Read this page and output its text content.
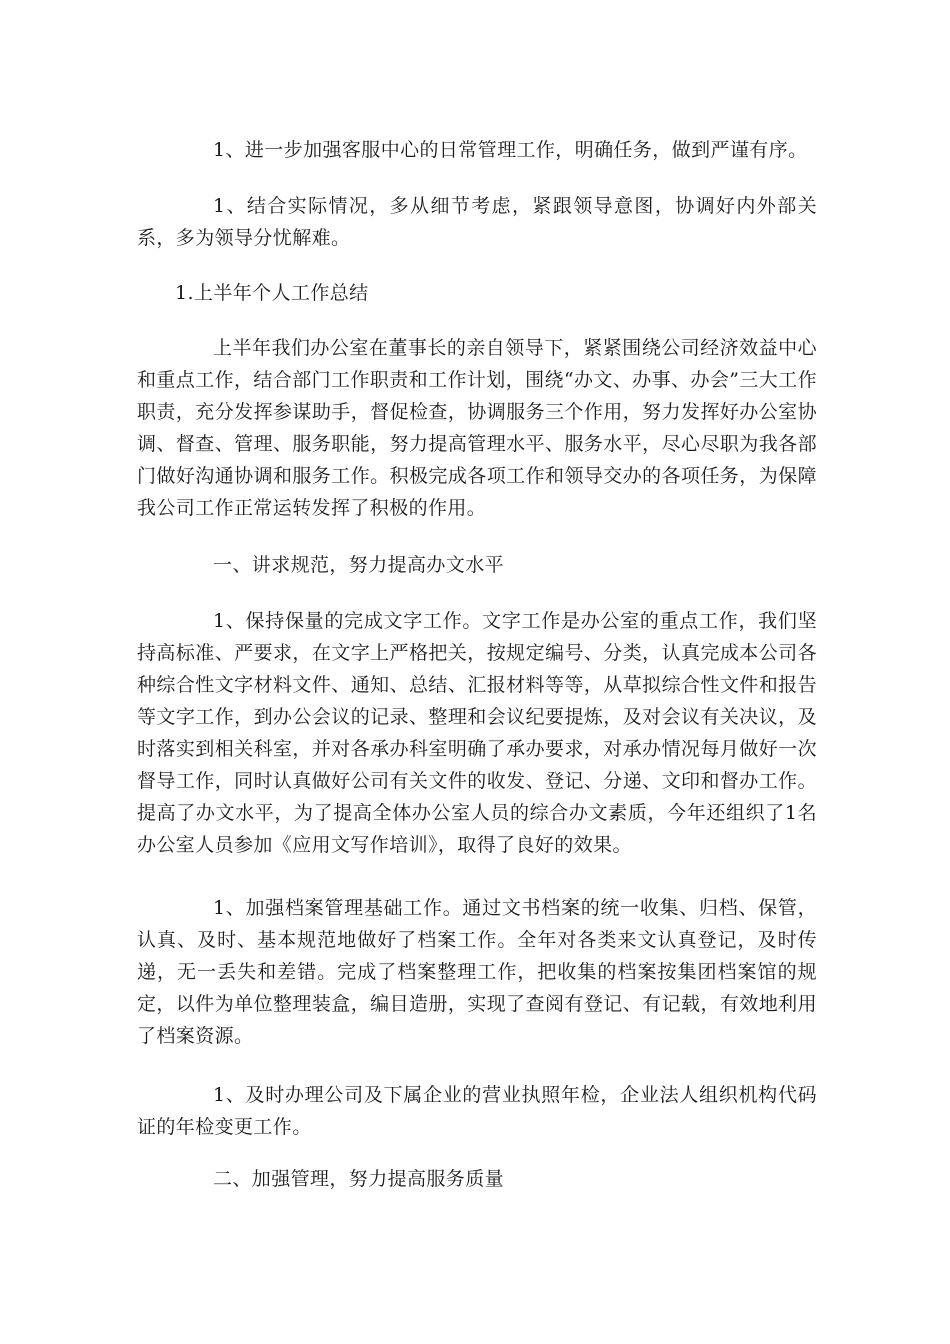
1、进一步加强客服中心的日常管理工作，明确任务，做到严谨有序。

1、结合实际情况，多从细节考虑，紧跟领导意图，协调好内外部关系，多为领导分忧解难。

1.上半年个人工作总结

上半年我们办公室在董事长的亲自领导下，紧紧围绕公司经济效益中心和重点工作，结合部门工作职责和工作计划，围绕“办文、办事、办会”三大工作职责，充分发挥参谋助手，督促检查，协调服务三个作用，努力发挥好办公室协调、督查、管理、服务职能，努力提高管理水平、服务水平，尽心尽职为我各部门做好沟通协调和服务工作。积极完成各项工作和领导交办的各项任务，为保障我公司工作正常运转发挥了积极的作用。

一、讲求规范，努力提高办文水平

1、保持保量的完成文字工作。文字工作是办公室的重点工作，我们坚持高标准、严要求，在文字上严格把关，按规定编号、分类，认真完成本公司各种综合性文字材料文件、通知、总结、汇报材料等等，从草拟综合性文件和报告等文字工作，到办公会议的记录、整理和会议纪要提炼，及对会议有关决议，及时落实到相关科室，并对各承办科室明确了承办要求，对承办情况每月做好一次督导工作，同时认真做好公司有关文件的收发、登记、分递、文印和督办工作。提高了办文水平，为了提高全体办公室人员的综合办文素质，今年还组织了1名办公室人员参加《应用文写作培训》，取得了良好的效果。

1、加强档案管理基础工作。通过文书档案的统一收集、归档、保管，认真、及时、基本规范地做好了档案工作。全年对各类来文认真登记，及时传递，无一丢失和差错。完成了档案整理工作，把收集的档案按集团档案馆的规定，以件为单位整理装盒，编目造册，实现了查阅有登记、有记载，有效地利用了档案资源。

1、及时办理公司及下属企业的营业执照年检，企业法人组织机构代码证的年检变更工作。

二、加强管理，努力提高服务质量
